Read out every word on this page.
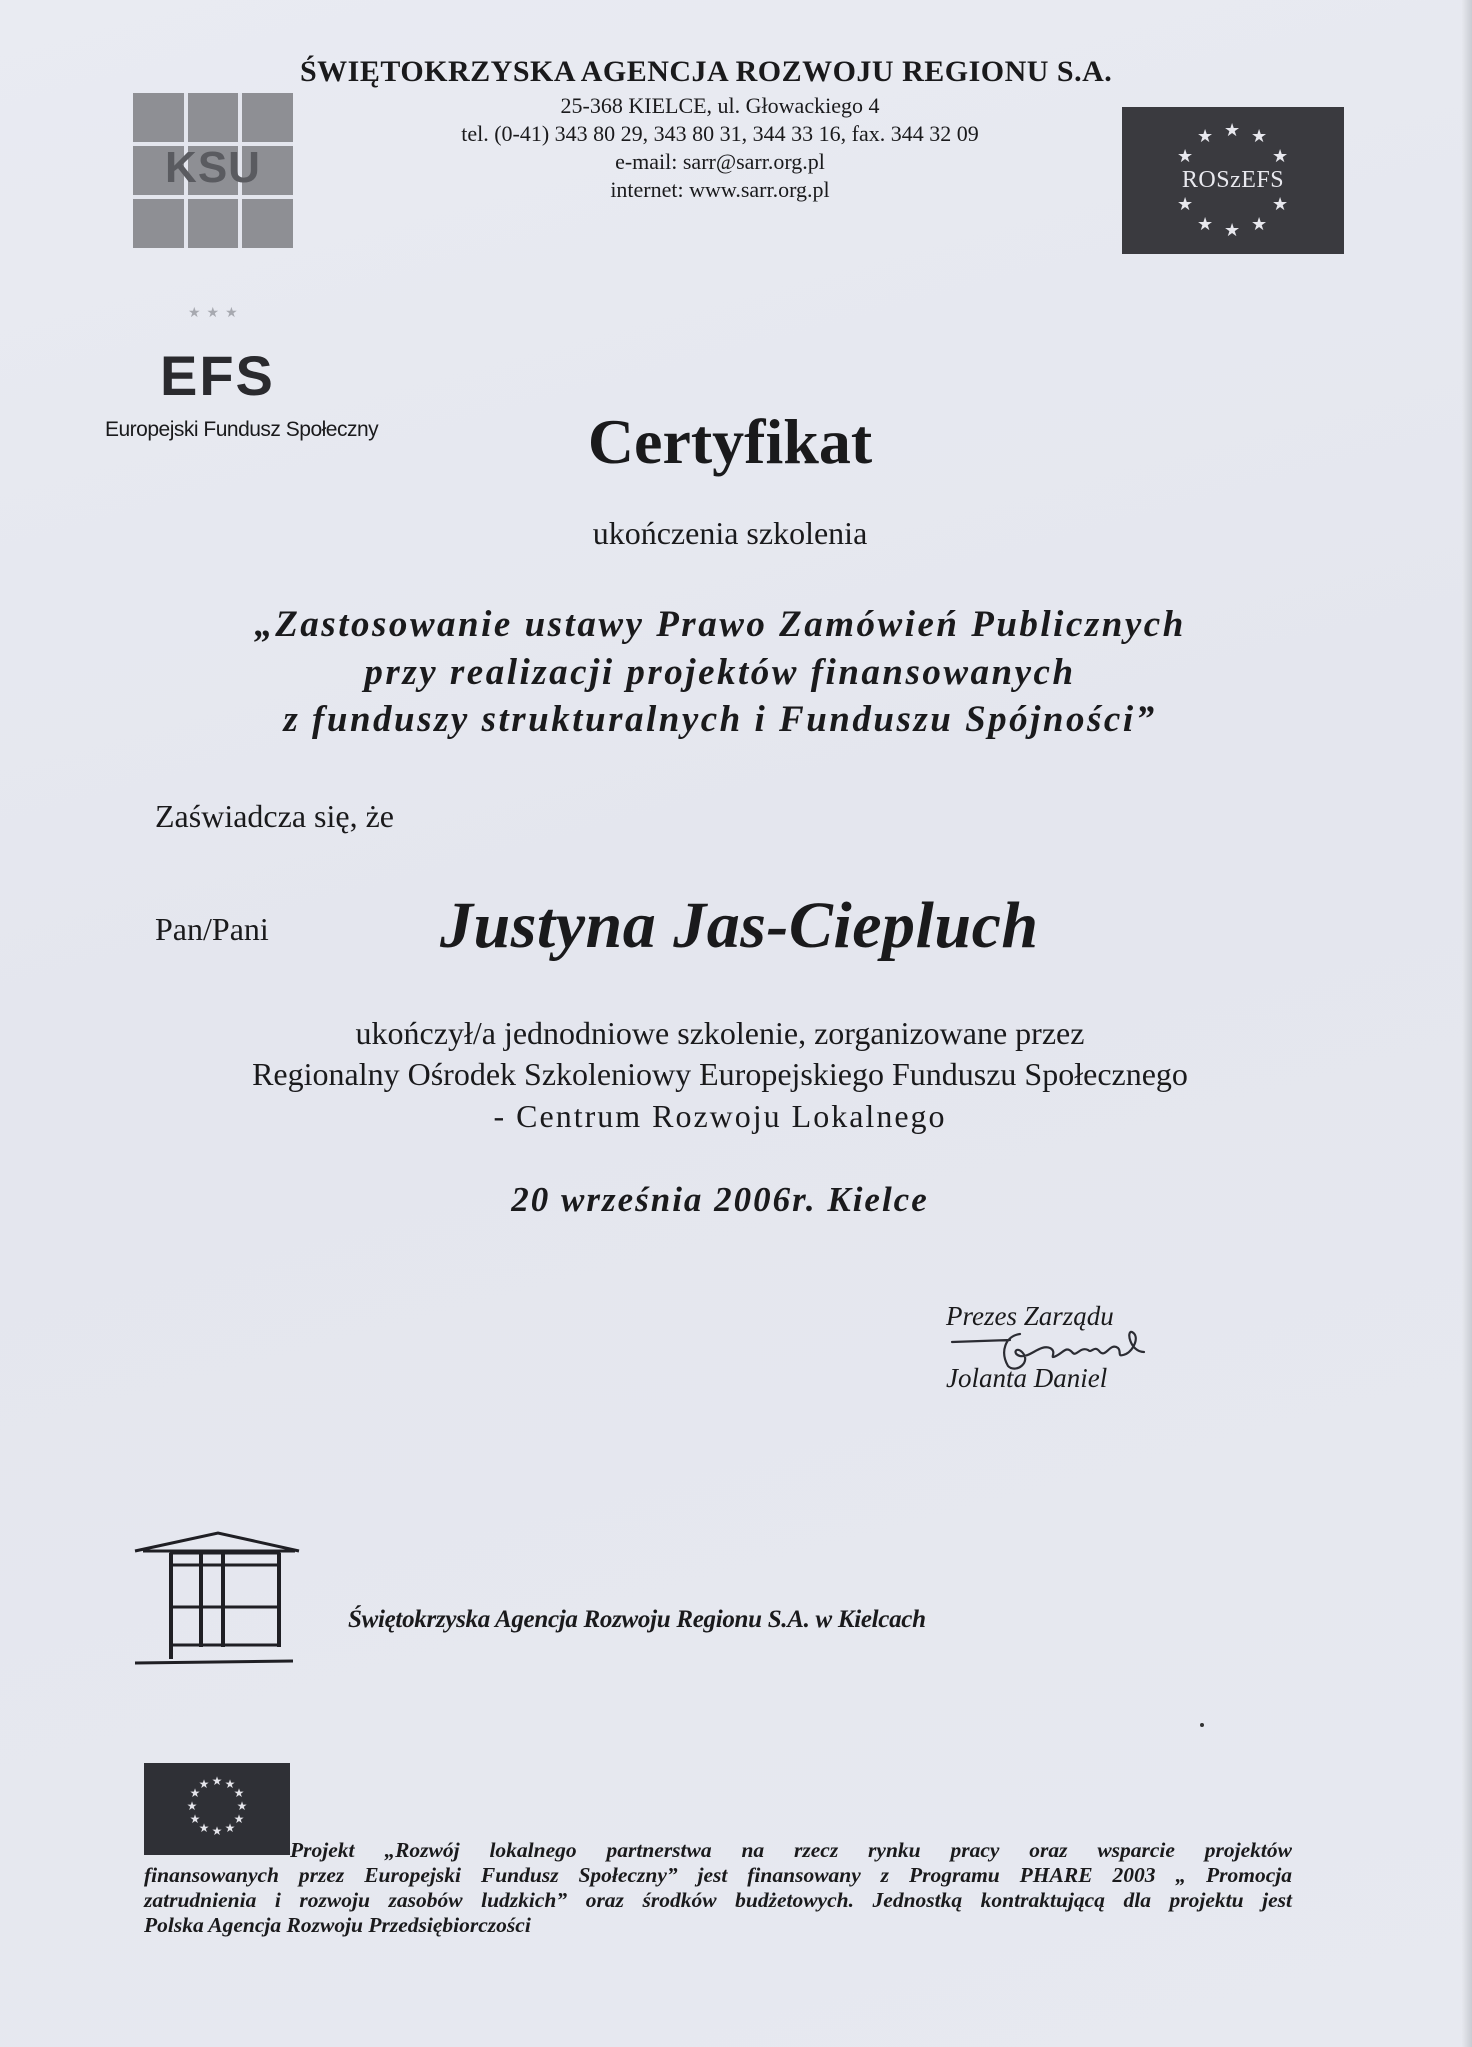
ŚWIĘTOKRZYSKA AGENCJA ROZWOJU REGIONU S.A.
25-368 KIELCE, ul. Głowackiego 4
tel. (0-41) 343 80 29, 343 80 31, 344 33 16, fax. 344 32 09
e-mail: sarr@sarr.org.pl
internet: www.sarr.org.pl
KSU
★ ★ ★
★	★
★	★
★ ★ ★
ROSzEFS
★★★
EFS
Europejski Fundusz Społeczny	Certyfikat
ukończenia szkolenia
„Zastosowanie ustawy Prawo Zamówień Publicznych
przy realizacji projektów finansowanych
z funduszy strukturalnych i Funduszu Spójności”
Zaświadcza się, że
Pan/Pani	Justyna Jas-Ciepluch
ukończył/a jednodniowe szkolenie, zorganizowane przez
Regionalny Ośrodek Szkoleniowy Europejskiego Funduszu Społecznego
- Centrum Rozwoju Lokalnego
20 września 2006r. Kielce
Prezes Zarządu
Jolanta Daniel
Świętokrzyska Agencja Rozwoju Regionu S.A. w Kielcach
★ ★
★
★
★
★
★
★
★
★
★
★
Projekt „Rozwój lokalnego partnerstwa na rzecz rynku pracy oraz wsparcie projektów
finansowanych przez Europejski Fundusz Społeczny” jest finansowany z Programu PHARE 2003 „ Promocja
zatrudnienia i rozwoju zasobów ludzkich” oraz środków budżetowych. Jednostką kontraktującą dla projektu jest
Polska Agencja Rozwoju Przedsiębiorczości
